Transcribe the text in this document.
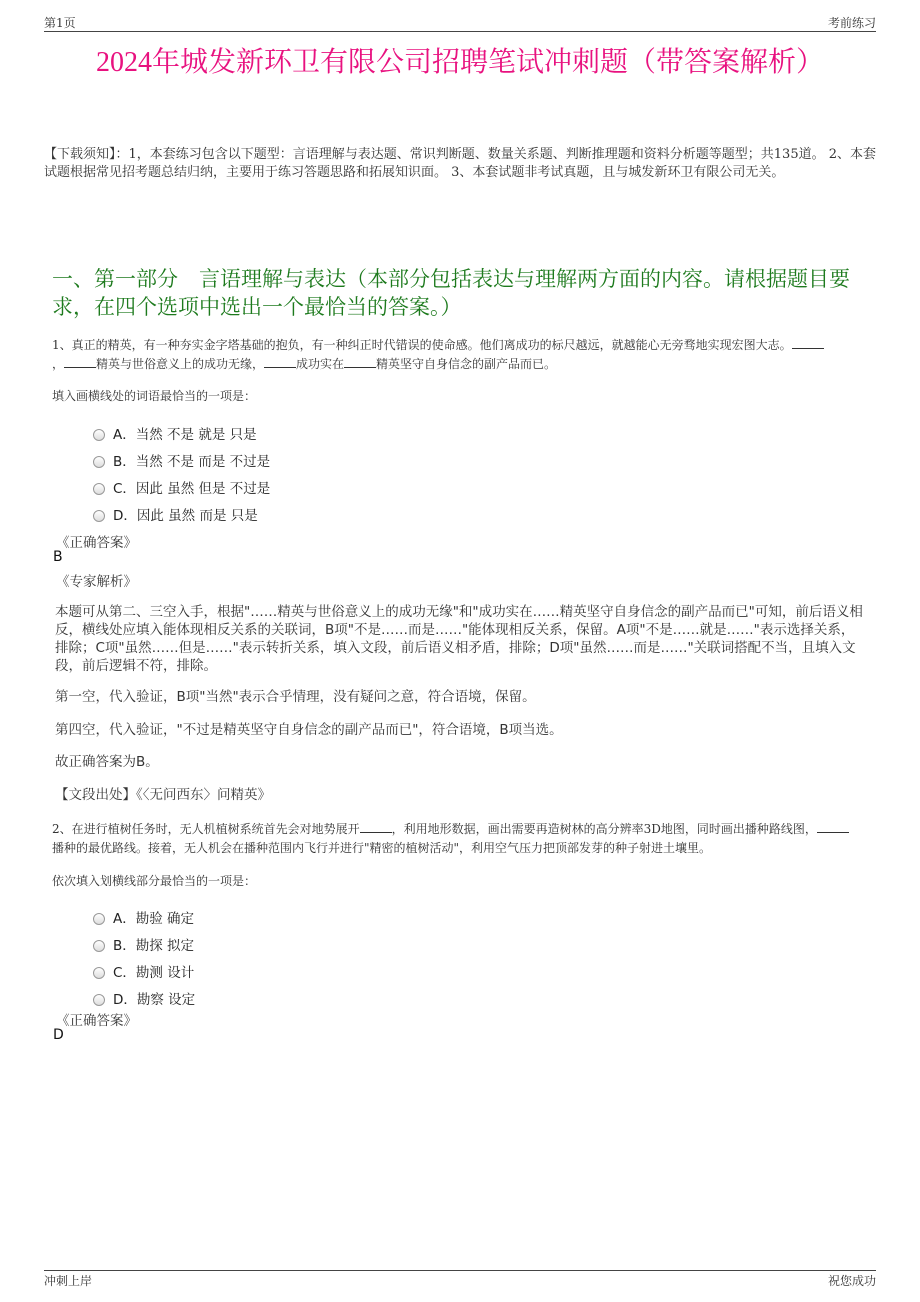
第1页	考前练习
2024年城发新环卫有限公司招聘笔试冲刺题（带答案解析）
【下载须知】：1，本套练习包含以下题型：言语理解与表达题、常识判断题、数量关系题、判断推理题和资料分析题等题型；共135道。 2、本套试题根据常见招考题总结归纳，主要用于练习答题思路和拓展知识面。 3、本套试题非考试真题，且与城发新环卫有限公司无关。
一、第一部分　言语理解与表达（本部分包括表达与理解两方面的内容。请根据题目要求，在四个选项中选出一个最恰当的答案。）
1、真正的精英，有一种夯实金字塔基础的抱负，有一种纠正时代错误的使命感。他们离成功的标尺越远，就越能心无旁骛地实现宏图大志。，	精英与世俗意义上的成功无缘，	成功实在	精英坚守自身信念的副产品而已。
填入画横线处的词语最恰当的一项是：
A．当然 不是 就是 只是
B．当然 不是 而是 不过是
C．因此 虽然 但是 不过是
D．因此 虽然 而是 只是
《正确答案》
B
《专家解析》
本题可从第二、三空入手，根据"……精英与世俗意义上的成功无缘"和"成功实在……精英坚守自身信念的副产品而已"可知，前后语义相反，横线处应填入能体现相反关系的关联词，B项"不是……而是……"能体现相反关系，保留。A项"不是……就是……"表示选择关系，排除；C项"虽然……但是……"表示转折关系，填入文段，前后语义相矛盾，排除；D项"虽然……而是……"关联词搭配不当，且填入文段，前后逻辑不符，排除。
第一空，代入验证，B项"当然"表示合乎情理，没有疑问之意，符合语境，保留。
第四空，代入验证，"不过是精英坚守自身信念的副产品而已"，符合语境，B项当选。
故正确答案为B。
【文段出处】《〈无问西东〉问精英》
2、在进行植树任务时，无人机植树系统首先会对地势展开	，利用地形数据，画出需要再造树林的高分辨率3D地图，同时画出播种路线图，播种的最优路线。接着，无人机会在播种范围内飞行并进行"精密的植树活动"，利用空气压力把顶部发芽的种子射进土壤里。
依次填入划横线部分最恰当的一项是：
A．勘验 确定
B．勘探 拟定
C．勘测 设计
D．勘察 设定
《正确答案》
D
冲刺上岸	祝您成功
